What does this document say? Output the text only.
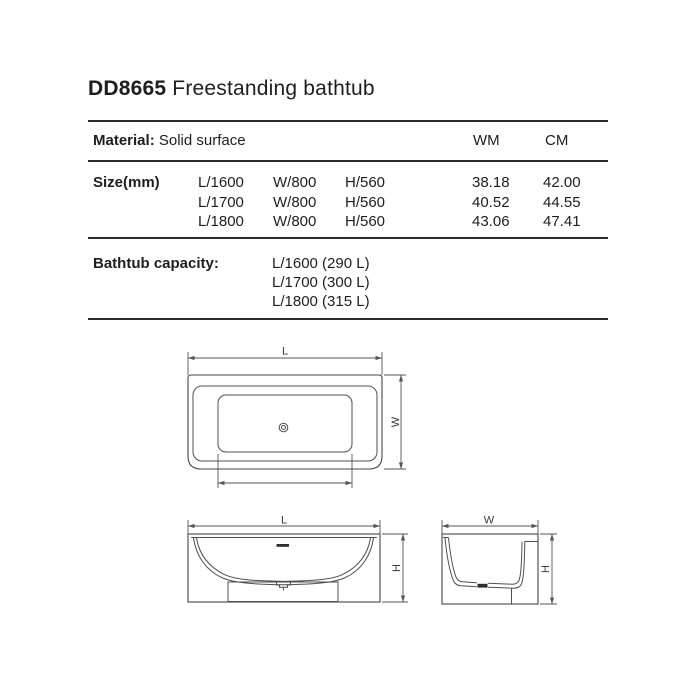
DD8665 Freestanding bathtub
Material: Solid surface	WM	CM
Size(mm)	L/1600 W/800 H/560	38.18 42.00
L/1700 W/800 H/560	40.52 44.55
L/1800 W/800 H/560	43.06 47.41
Bathtub capacity:	L/1600 (290 L)
L/1700 (300 L)
L/1800 (315 L)
L
W
L
H
W
H
